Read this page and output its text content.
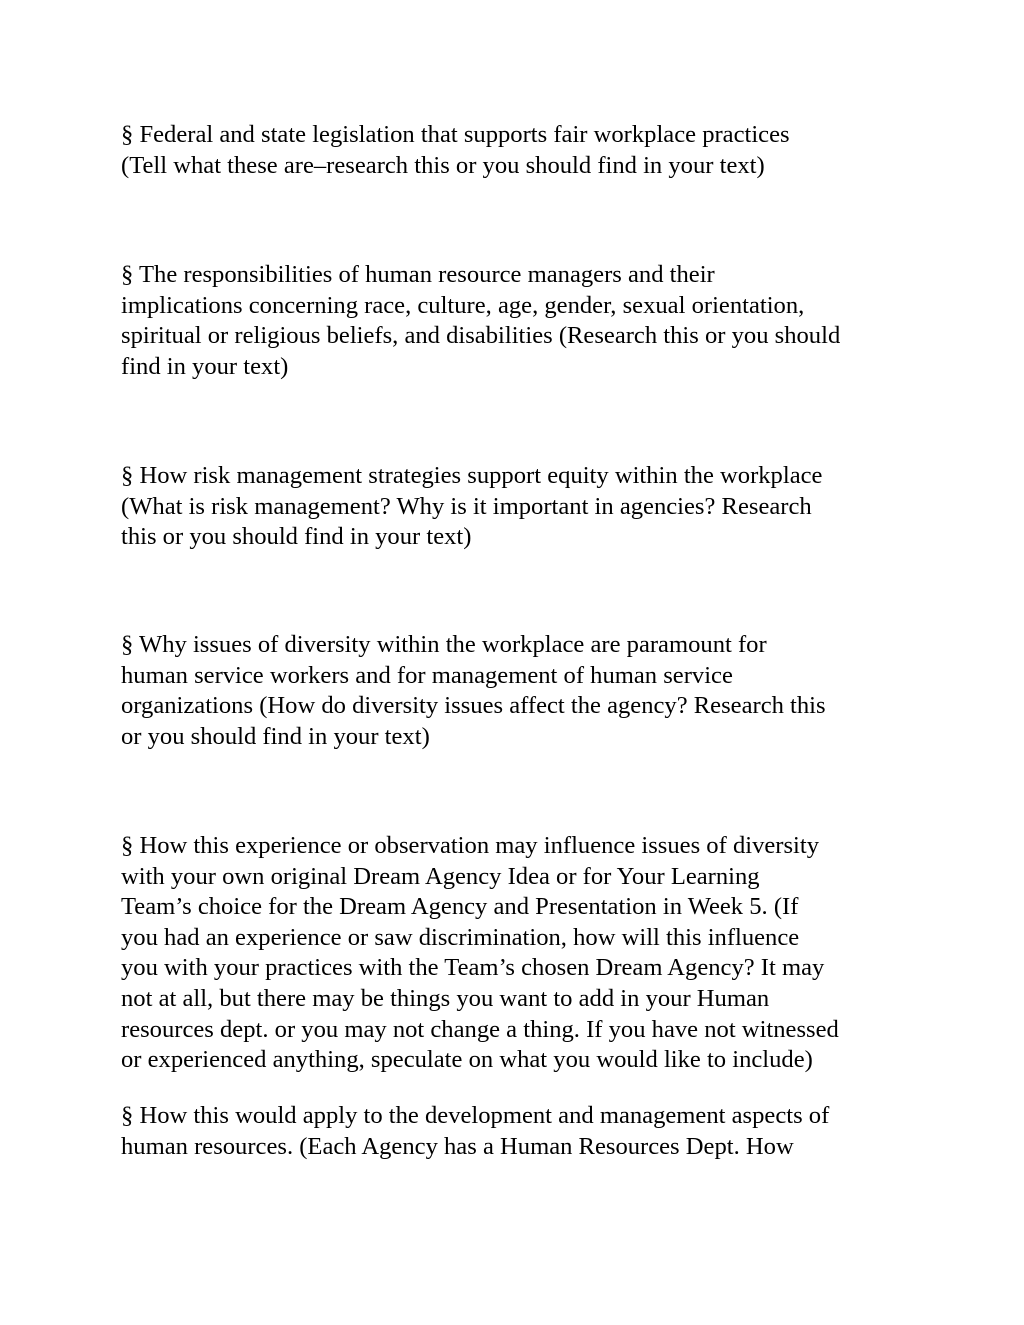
§ Federal and state legislation that supports fair workplace practices
(Tell what these are–research this or you should find in your text)
§ The responsibilities of human resource managers and their
implications concerning race, culture, age, gender, sexual orientation,
spiritual or religious beliefs, and disabilities (Research this or you should
find in your text)
§ How risk management strategies support equity within the workplace
(What is risk management? Why is it important in agencies? Research
this or you should find in your text)
§ Why issues of diversity within the workplace are paramount for
human service workers and for management of human service
organizations (How do diversity issues affect the agency? Research this
or you should find in your text)
§ How this experience or observation may influence issues of diversity
with your own original Dream Agency Idea or for Your Learning
Team’s choice for the Dream Agency and Presentation in Week 5. (If
you had an experience or saw discrimination, how will this influence
you with your practices with the Team’s chosen Dream Agency? It may
not at all, but there may be things you want to add in your Human
resources dept. or you may not change a thing. If you have not witnessed
or experienced anything, speculate on what you would like to include)
§ How this would apply to the development and management aspects of
human resources. (Each Agency has a Human Resources Dept. How
